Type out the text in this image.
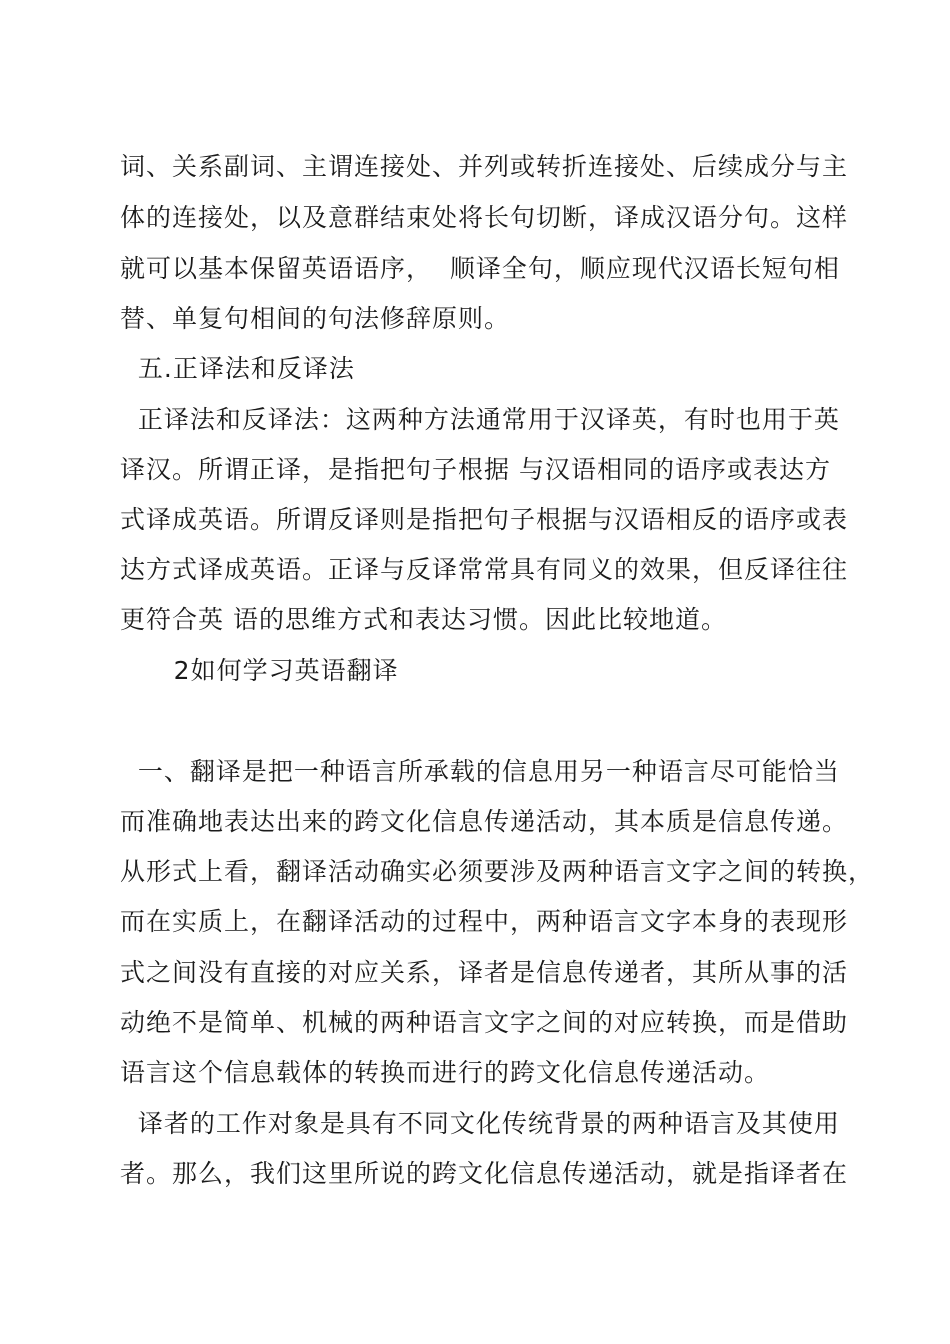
词、关系副词、主谓连接处、并列或转折连接处、后续成分与主
体的连接处，以及意群结束处将长句切断，译成汉语分句。这样
就可以基本保留英语语序，  顺译全句，顺应现代汉语长短句相
替、单复句相间的句法修辞原则。
五.正译法和反译法
正译法和反译法：这两种方法通常用于汉译英，有时也用于英
译汉。所谓正译，是指把句子根据 与汉语相同的语序或表达方
式译成英语。所谓反译则是指把句子根据与汉语相反的语序或表
达方式译成英语。正译与反译常常具有同义的效果，但反译往往
更符合英 语的思维方式和表达习惯。因此比较地道。
2如何学习英语翻译
一、翻译是把一种语言所承载的信息用另一种语言尽可能恰当
而准确地表达出来的跨文化信息传递活动，其本质是信息传递。
从形式上看，翻译活动确实必须要涉及两种语言文字之间的转换，
而在实质上，在翻译活动的过程中，两种语言文字本身的表现形
式之间没有直接的对应关系，译者是信息传递者，其所从事的活
动绝不是简单、机械的两种语言文字之间的对应转换，而是借助
语言这个信息载体的转换而进行的跨文化信息传递活动。
译者的工作对象是具有不同文化传统背景的两种语言及其使用
者。那么，我们这里所说的跨文化信息传递活动，就是指译者在
